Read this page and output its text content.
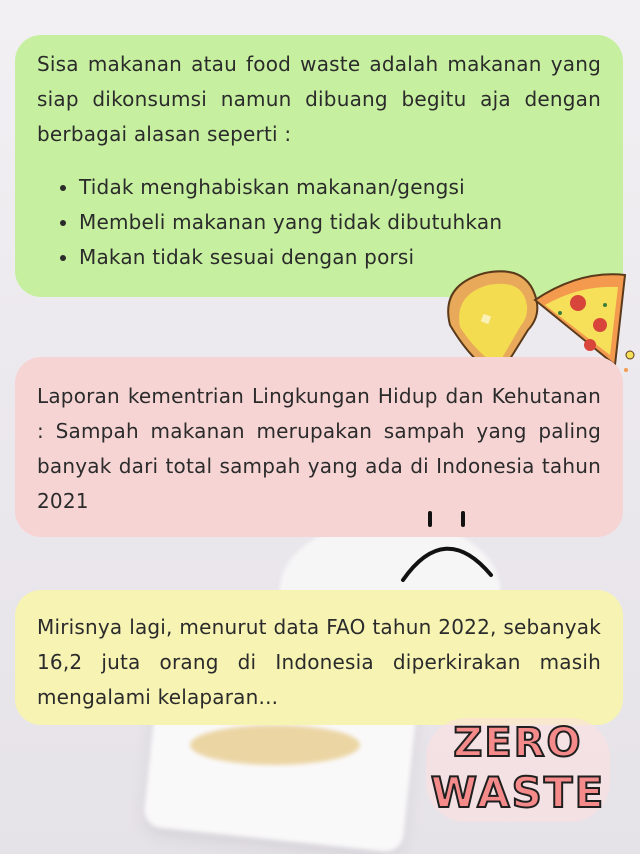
Sisa makanan atau food waste adalah makanan yang siap dikonsumsi namun dibuang begitu aja dengan berbagai alasan seperti :

• Tidak menghabiskan makanan/gengsi
• Membeli makanan yang tidak dibutuhkan
• Makan tidak sesuai dengan porsi

Laporan kementrian Lingkungan Hidup dan Kehutanan : Sampah makanan merupakan sampah yang paling banyak dari total sampah yang ada di Indonesia tahun 2021

Mirisnya lagi, menurut data FAO tahun 2022, sebanyak 16,2 juta orang di Indonesia diperkirakan masih mengalami kelaparan...

ZERO
WASTE
